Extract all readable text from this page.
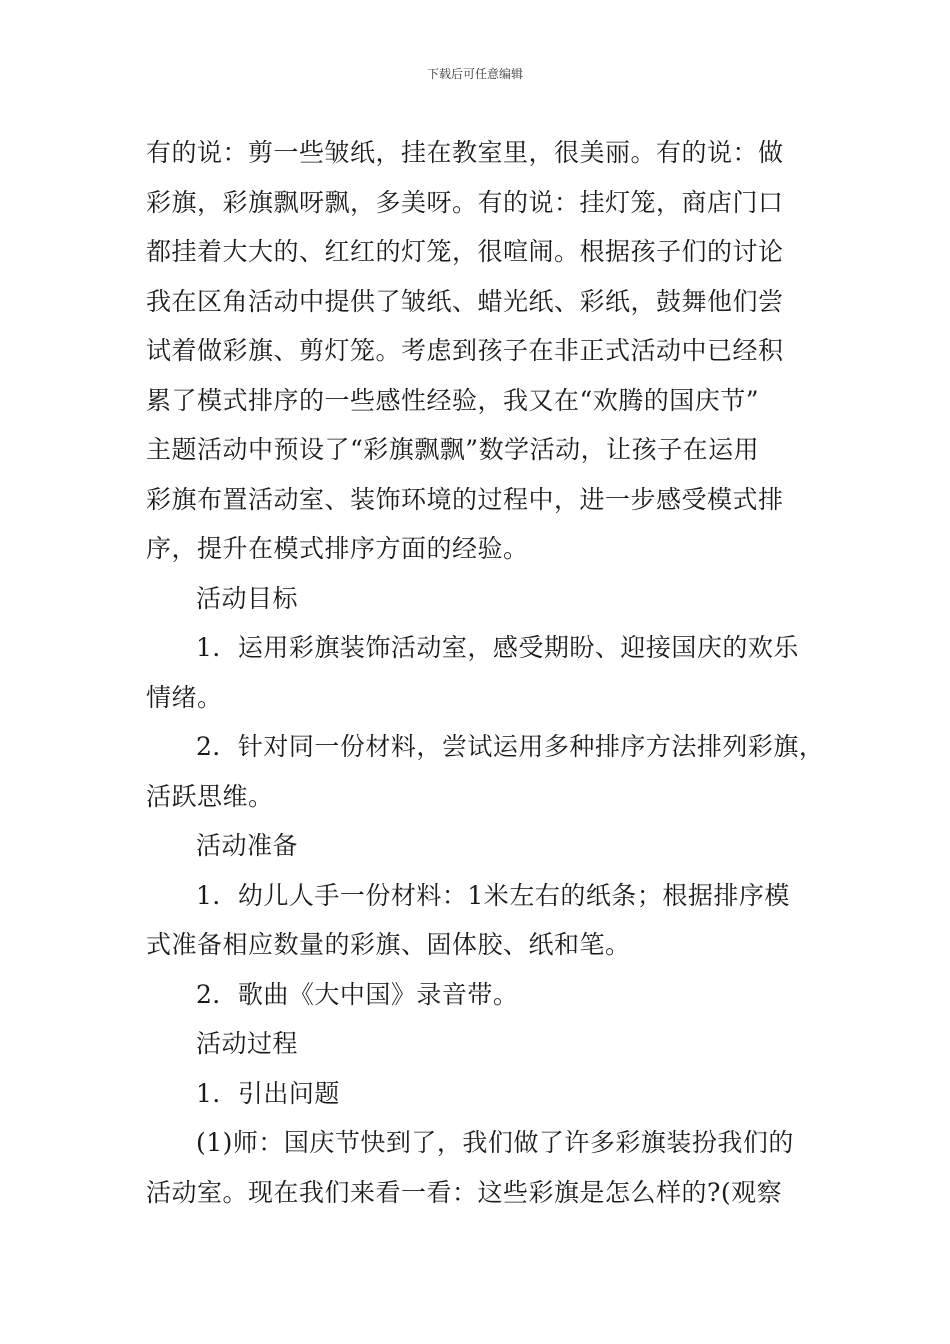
下载后可任意编辑
有的说：剪一些皱纸，挂在教室里，很美丽。有的说：做
彩旗，彩旗飘呀飘，多美呀。有的说：挂灯笼，商店门口
都挂着大大的、红红的灯笼，很喧闹。根据孩子们的讨论
我在区角活动中提供了皱纸、蜡光纸、彩纸，鼓舞他们尝
试着做彩旗、剪灯笼。考虑到孩子在非正式活动中已经积
累了模式排序的一些感性经验，我又在“欢腾的国庆节”
主题活动中预设了“彩旗飘飘”数学活动，让孩子在运用
彩旗布置活动室、装饰环境的过程中，进一步感受模式排
序，提升在模式排序方面的经验。
活动目标
1．运用彩旗装饰活动室，感受期盼、迎接国庆的欢乐
情绪。
2．针对同一份材料，尝试运用多种排序方法排列彩旗，
活跃思维。
活动准备
1．幼儿人手一份材料：1米左右的纸条；根据排序模
式准备相应数量的彩旗、固体胶、纸和笔。
2．歌曲《大中国》录音带。
活动过程
1．引出问题
(1)师：国庆节快到了，我们做了许多彩旗装扮我们的
活动室。现在我们来看一看：这些彩旗是怎么样的?(观察
